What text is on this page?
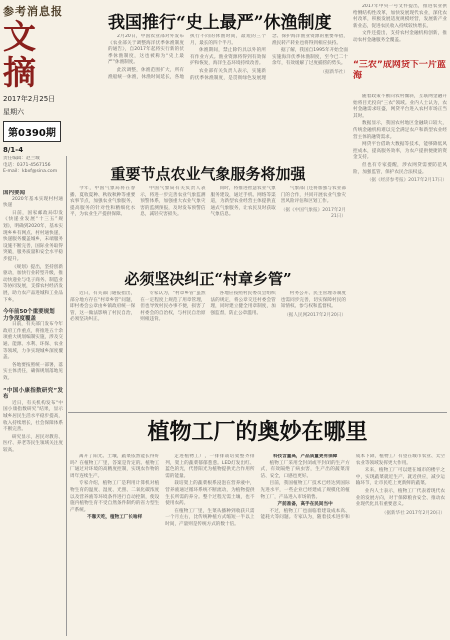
参考消息报
文摘
2017年2月25日
星期六
第0390期
8/1-4
责任编辑：赵兰城
电话：0371-4567156
E-mail：kbxf@sina.com
我国推行“史上最严”休渔制度

2月20日，中国农业部对外发布《农业部关于调整海洋伏季休渔制度的通告》，自2017年起将实行新的伏季休渔制度，这也被称为“史上最严”休渔制度。

此次调整，休渔范围扩大，所有渔船统一休渔，休渔时间延长，各地执行不同的休渔时间，最短的三个月，最长的四个半月。

休渔期间，禁止除钓具以外的所有作业方式。渔业资源将得到有效保护和恢复，海洋生态环境持续改善。

农业部有关负责人表示，实施新的伏季休渔制度，是贯彻绿色发展理念、保护海洋渔业资源的重要举措，渔民转产转业也将得到相应扶持。

据了解，我国自1995年开始全面实施海洋伏季休渔制度，至今已二十余年，有效缓解了过度捕捞的势头。

（据新华社）

2017年中央一号文件提出，推进农业供给侧结构性改革，加快发展现代农业，深化农村改革，积极发展适度规模经营，发展新产业新业态，促进农民收入持续较快增长。

文件还提出，支持农村金融机构创新，推动农村金融服务全覆盖。

“三农”成网贷下一片蓝海

随着政策不断向农村倾斜，互联网金融开始将目光投向“三农”领域。业内人士认为，农村金融需求旺盛，网贷平台进入农村市场正当其时。

数据显示，我国农村地区金融缺口较大，传统金融机构难以完全满足农户和新型农业经营主体的融资需求。

网贷平台借助大数据等技术，能够降低风控成本，提高服务效率，为农户提供便捷的资金支持。

但也有专家提醒，涉农网贷需要防范风险，加强监管，保护农民合法权益。

（据《经济参考报》2017年2月17日）
国内要闻

2020年基本实现村村通快递

日前，国家邮政局印发《快递业发展“十三五”规划》，明确到2020年，基本实现乡乡有网点、村村通快递，快递服务覆盖城乡，末端服务设施不断完善，国际业务取得突破，服务质量和安全水平稳步提升。

《规划》提出，坚持创新驱动，加快行业转型升级，推动快递业与电子商务、制造业等协同发展，支撑农村经济发展，助力农产品进城和工业品下乡。

今年前50个重要规划
力争深度覆盖

日前，有关部门发布今年政府工作重点，将推进五十余项重大规划编制实施，涉及交通、能源、水利、环保、农业等领域，力争实现城乡深度覆盖。

各地要按照统一部署，落实主体责任，确保规划落地见效。

“中国小康指数研究”发布

近日，有关机构发布“中国小康指数研究”结果，显示城乡居民生活水平稳步提高，收入持续增长，社会保障体系不断完善。

研究显示，居民对教育、医疗、养老等民生领域关注度较高。

重要节点农业气象服务将加强

今年，中国气象局将在春播、夏收夏种、秋收秋种等重要农事节点，加强农业气象服务，提高服务的针对性和精细化水平，为农业生产提供保障。

中国气象局有关负责人表示，将进一步完善农业气象监测预警体系，加强重大农业气象灾害的监测预报，及时发布预警信息，减轻灾害损失。

同时，将推进智慧农业气象服务建设，通过手机、网络等渠道，为新型农业经营主体提供直通式气象服务，让农民及时获取气象信息。

气象部门还将加强与农业部门的合作，共同开展农业气象灾害风险评估和区划工作。

（据《中国气象报》2017年2月21日）
必须坚决纠正“村章乡管”

近日，有关部门通报指出，部分地方存在“村章乡管”问题，即村委会公章由乡镇政府统一保管，这一做法影响了村民自治，必须坚决纠正。

专家认为，“村章乡管”虽然在一定程度上规范了用章管理，但也导致村民办事不便，损害了村委会的自治权，与村民自治原则相违背。

各地应按照村民委员会组织法的规定，将公章交还村委会管理，同时建立健全用章制度，加强监督，防止公章滥用。

村务公开、民主管理等制度也需同步完善，切实保障村民的知情权、参与权和监督权。

（据人民网2017年2月20日）
植物工厂的奥妙在哪里

离开了阳光、土壤，蔬菜依然能长得好吗？在植物工厂里，答案是肯定的。植物工厂通过对环境的高精度控制，实现农作物的周年连续生产。

专家介绍，植物工厂是利用计算机对植物生育的温度、湿度、光照、二氧化碳浓度以及营养液等环境条件进行自动控制，使设施内植物生育不受自然条件制约的省力型生产系统。

不靠天吃，植物工厂长啥样

走进植物工厂，一排排栽培架整齐排列，架上的蔬菜郁郁葱葱。LED灯发出红、蓝色的光，代替阳光为植物提供光合作用所需的能量。

栽培架上的蔬菜根系浸泡在营养液中，营养液通过循环系统不断流动，为植物提供生长所需的养分。整个过程无需土壤，也不使用农药。

在植物工厂里，生菜从播种到收获只需一个月左右，比传统种植方式缩短一半以上时间，产量则是传统方式的数十倍。

科技含量高，产品质量更有保障

植物工厂采用全封闭或半封闭的生产方式，有效隔绝了病虫害，生产出的蔬菜清洁、安全，口感也更好。

目前，我国植物工厂技术已经达到国际先进水平，一些企业已经建成了规模化的植物工厂，产品进入市场销售。

产前准备，高手在民间当中

不过，植物工厂也面临着建设成本高、能耗大等问题。专家认为，随着技术进步和成本下降，植物工厂有望在城市农业、太空农业等领域发挥更大作用。

未来，植物工厂可以建在城市的楼宇之中，实现蔬菜就近生产、就近供应，减少运输环节，让市民吃上更新鲜的蔬菜。

业内人士表示，植物工厂代表着现代农业的发展方向，对于保障粮食安全、推动农业现代化具有重要意义。

（据新华社 2017年2月20日）
